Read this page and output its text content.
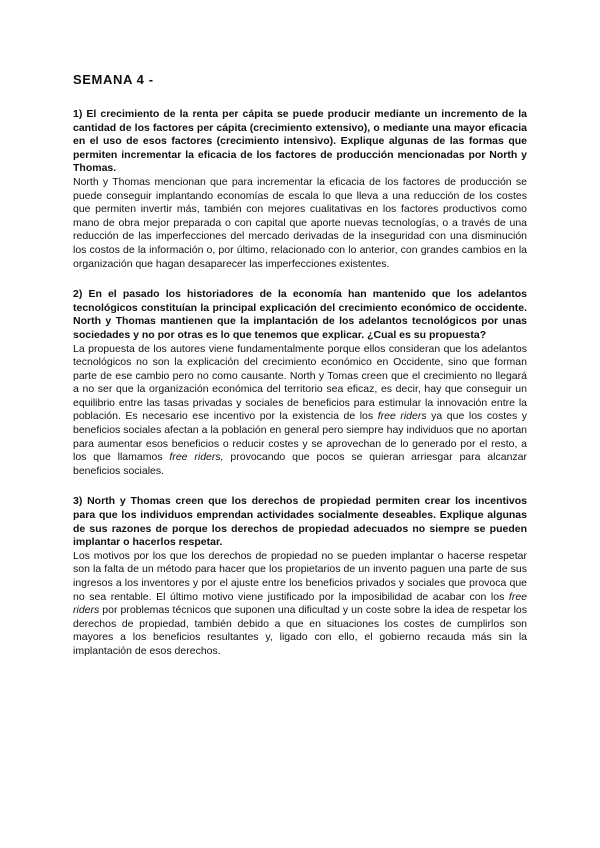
SEMANA 4 -

1) El crecimiento de la renta per cápita se puede producir mediante un incremento de la cantidad de los factores per cápita (crecimiento extensivo), o mediante una mayor eficacia en el uso de esos factores (crecimiento intensivo). Explique algunas de las formas que permiten incrementar la eficacia de los factores de producción mencionadas por North y Thomas.

North y Thomas mencionan que para incrementar la eficacia de los factores de producción se puede conseguir implantando economías de escala lo que lleva a una reducción de los costes que permiten invertir más, también con mejores cualitativas en los factores productivos como mano de obra mejor preparada o con capital que aporte nuevas tecnologías, o a través de una reducción de las imperfecciones del mercado derivadas de la inseguridad con una disminución los costos de la información o, por último, relacionado con lo anterior, con grandes cambios en la organización que hagan desaparecer las imperfecciones existentes.

2) En el pasado los historiadores de la economía han mantenido que los adelantos tecnológicos constituían la principal explicación del crecimiento económico de occidente. North y Thomas mantienen que la implantación de los adelantos tecnológicos por unas sociedades y no por otras es lo que tenemos que explicar. ¿Cual es su propuesta?

La propuesta de los autores viene fundamentalmente porque ellos consideran que los adelantos tecnológicos no son la explicación del crecimiento económico en Occidente, sino que forman parte de ese cambio pero no como causante. North y Tomas creen que el crecimiento no llegará a no ser que la organización económica del territorio sea eficaz, es decir, hay que conseguir un equilibrio entre las tasas privadas y sociales de beneficios para estimular la innovación entre la población. Es necesario ese incentivo por la existencia de los free riders ya que los costes y beneficios sociales afectan a la población en general pero siempre hay individuos que no aportan para aumentar esos beneficios o reducir costes y se aprovechan de lo generado por el resto, a los que llamamos free riders, provocando que pocos se quieran arriesgar para alcanzar beneficios sociales.

3) North y Thomas creen que los derechos de propiedad permiten crear los incentivos para que los individuos emprendan actividades socialmente deseables. Explique algunas de sus razones de porque los derechos de propiedad adecuados no siempre se pueden implantar o hacerlos respetar.

Los motivos por los que los derechos de propiedad no se pueden implantar o hacerse respetar son la falta de un método para hacer que los propietarios de un invento paguen una parte de sus ingresos a los inventores y por el ajuste entre los beneficios privados y sociales que provoca que no sea rentable. El último motivo viene justificado por la imposibilidad de acabar con los free riders por problemas técnicos que suponen una dificultad y un coste sobre la idea de respetar los derechos de propiedad, también debido a que en situaciones los costes de cumplirlos son mayores a los beneficios resultantes y, ligado con ello, el gobierno recauda más sin la implantación de esos derechos.
